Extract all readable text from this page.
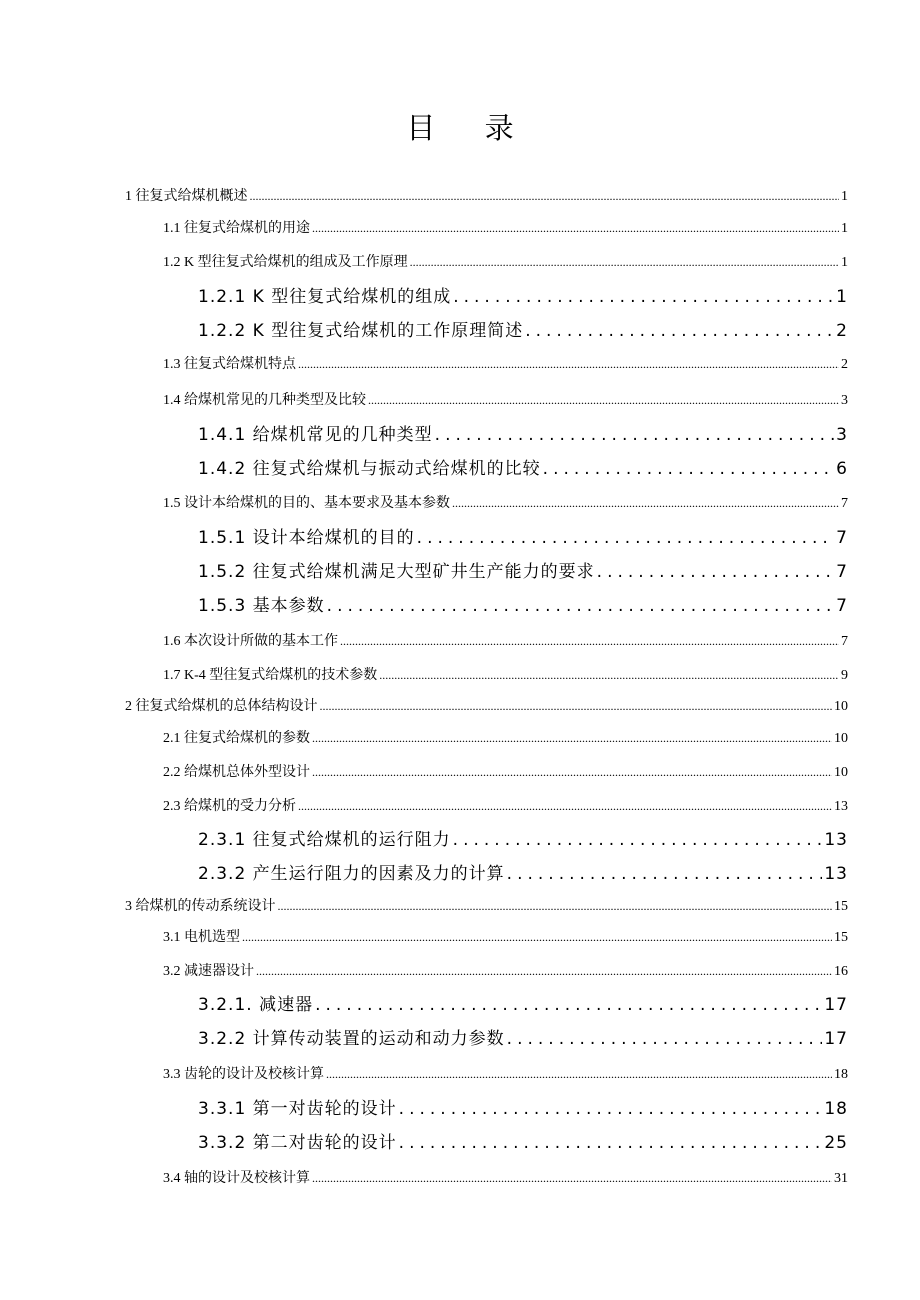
目 录
1 往复式给煤机概述 .....	1
1.1 往复式给煤机的用途 .....	1
1.2 K 型往复式给煤机的组成及工作原理 .....	1
1.2.1 K 型往复式给煤机的组成 .....	1
1.2.2 K 型往复式给煤机的工作原理简述 .....	2
1.3 往复式给煤机特点 .....	2
1.4 给煤机常见的几种类型及比较 .....	3
1.4.1 给煤机常见的几种类型 .....	3
1.4.2 往复式给煤机与振动式给煤机的比较 .....	6
1.5 设计本给煤机的目的、基本要求及基本参数 .....	7
1.5.1 设计本给煤机的目的 .....	7
1.5.2 往复式给煤机满足大型矿井生产能力的要求 .....	7
1.5.3 基本参数 .....	7
1.6 本次设计所做的基本工作 .....	7
1.7 K-4 型往复式给煤机的技术参数 .....	9
2 往复式给煤机的总体结构设计 .....	10
2.1 往复式给煤机的参数 .....	10
2.2 给煤机总体外型设计 .....	10
2.3 给煤机的受力分析 .....	13
2.3.1 往复式给煤机的运行阻力 .....	13
2.3.2 产生运行阻力的因素及力的计算 .....	13
3 给煤机的传动系统设计 .....	15
3.1 电机选型 .....	15
3.2 减速器设计 .....	16
3.2.1. 减速器 .....	17
3.2.2 计算传动装置的运动和动力参数 .....	17
3.3 齿轮的设计及校核计算 .....	18
3.3.1 第一对齿轮的设计 .....	18
3.3.2 第二对齿轮的设计 .....	25
3.4 轴的设计及校核计算 .....	31
